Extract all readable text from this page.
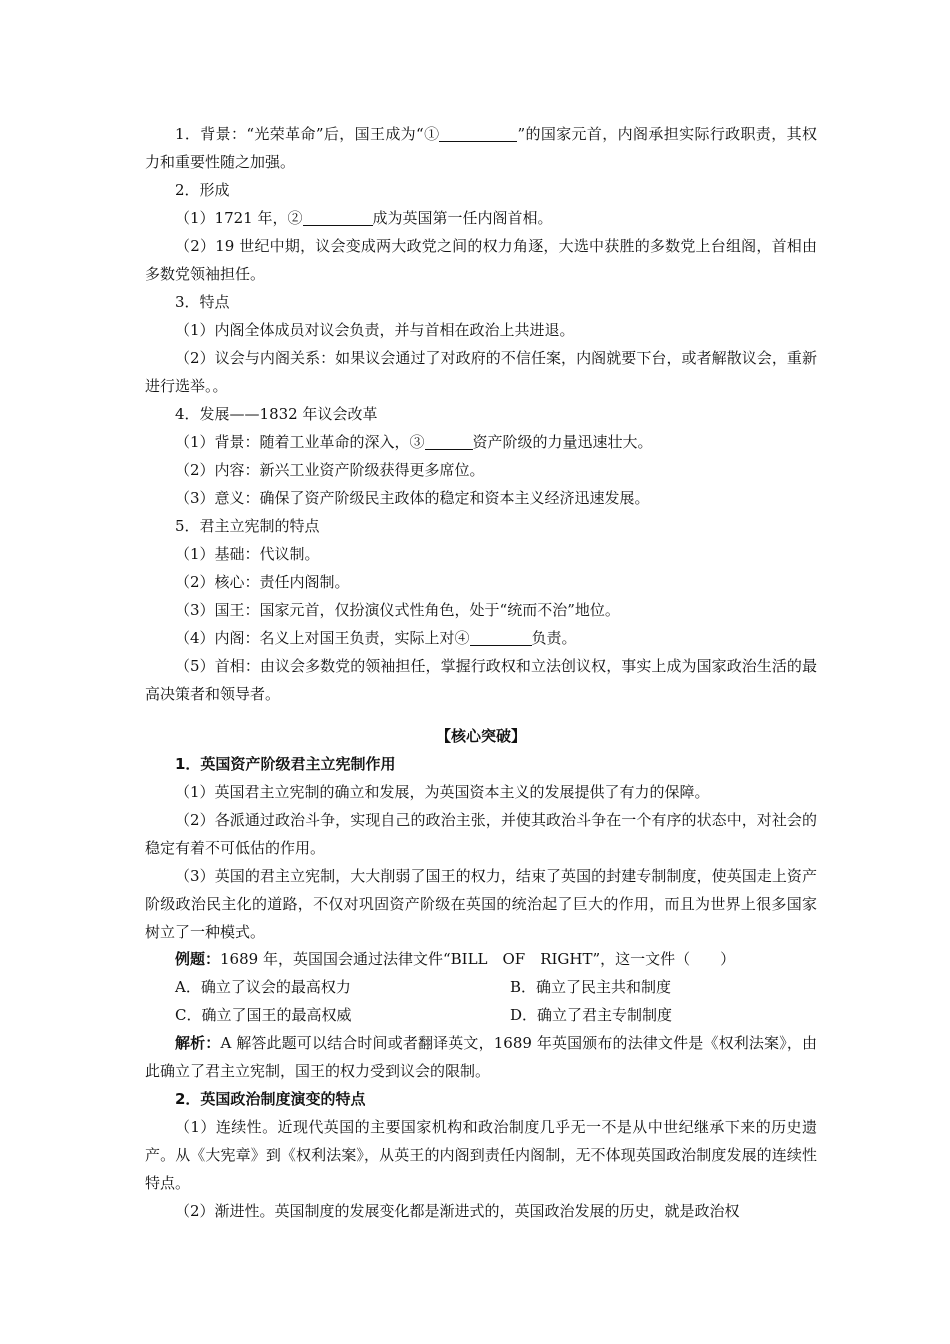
1．背景：“光荣革命”后，国王成为“①	”的国家元首，内阁承担实际行政职责，其权力和重要性随之加强。

2．形成

（1）1721 年，②	成为英国第一任内阁首相。

（2）19 世纪中期，议会变成两大政党之间的权力角逐，大选中获胜的多数党上台组阁，首相由多数党领袖担任。

3．特点

（1）内阁全体成员对议会负责，并与首相在政治上共进退。

（2）议会与内阁关系：如果议会通过了对政府的不信任案，内阁就要下台，或者解散议会，重新进行选举。。

4．发展——1832 年议会改革

（1）背景：随着工业革命的深入，③	资产阶级的力量迅速壮大。

（2）内容：新兴工业资产阶级获得更多席位。

（3）意义：确保了资产阶级民主政体的稳定和资本主义经济迅速发展。

5．君主立宪制的特点

（1）基础：代议制。

（2）核心：责任内阁制。

（3）国王：国家元首，仅扮演仪式性角色，处于“统而不治”地位。

（4）内阁：名义上对国王负责，实际上对④	负责。

（5）首相：由议会多数党的领袖担任，掌握行政权和立法创议权，事实上成为国家政治生活的最高决策者和领导者。

【核心突破】

1．英国资产阶级君主立宪制作用

（1）英国君主立宪制的确立和发展，为英国资本主义的发展提供了有力的保障。

（2）各派通过政治斗争，实现自己的政治主张，并使其政治斗争在一个有序的状态中，对社会的稳定有着不可低估的作用。

（3）英国的君主立宪制，大大削弱了国王的权力，结束了英国的封建专制制度，使英国走上资产阶级政治民主化的道路，不仅对巩固资产阶级在英国的统治起了巨大的作用，而且为世界上很多国家树立了一种模式。

例题：1689 年，英国国会通过法律文件“BILL　OF　RIGHT”，这一文件（　　）

A．确立了议会的最高权力	B．确立了民主共和制度

C．确立了国王的最高权威	D．确立了君主专制制度

解析：A 解答此题可以结合时间或者翻译英文，1689 年英国颁布的法律文件是《权利法案》，由此确立了君主立宪制，国王的权力受到议会的限制。

2．英国政治制度演变的特点

（1）连续性。近现代英国的主要国家机构和政治制度几乎无一不是从中世纪继承下来的历史遗产。从《大宪章》到《权利法案》，从英王的内阁到责任内阁制，无不体现英国政治制度发展的连续性特点。

（2）渐进性。英国制度的发展变化都是渐进式的，英国政治发展的历史，就是政治权
